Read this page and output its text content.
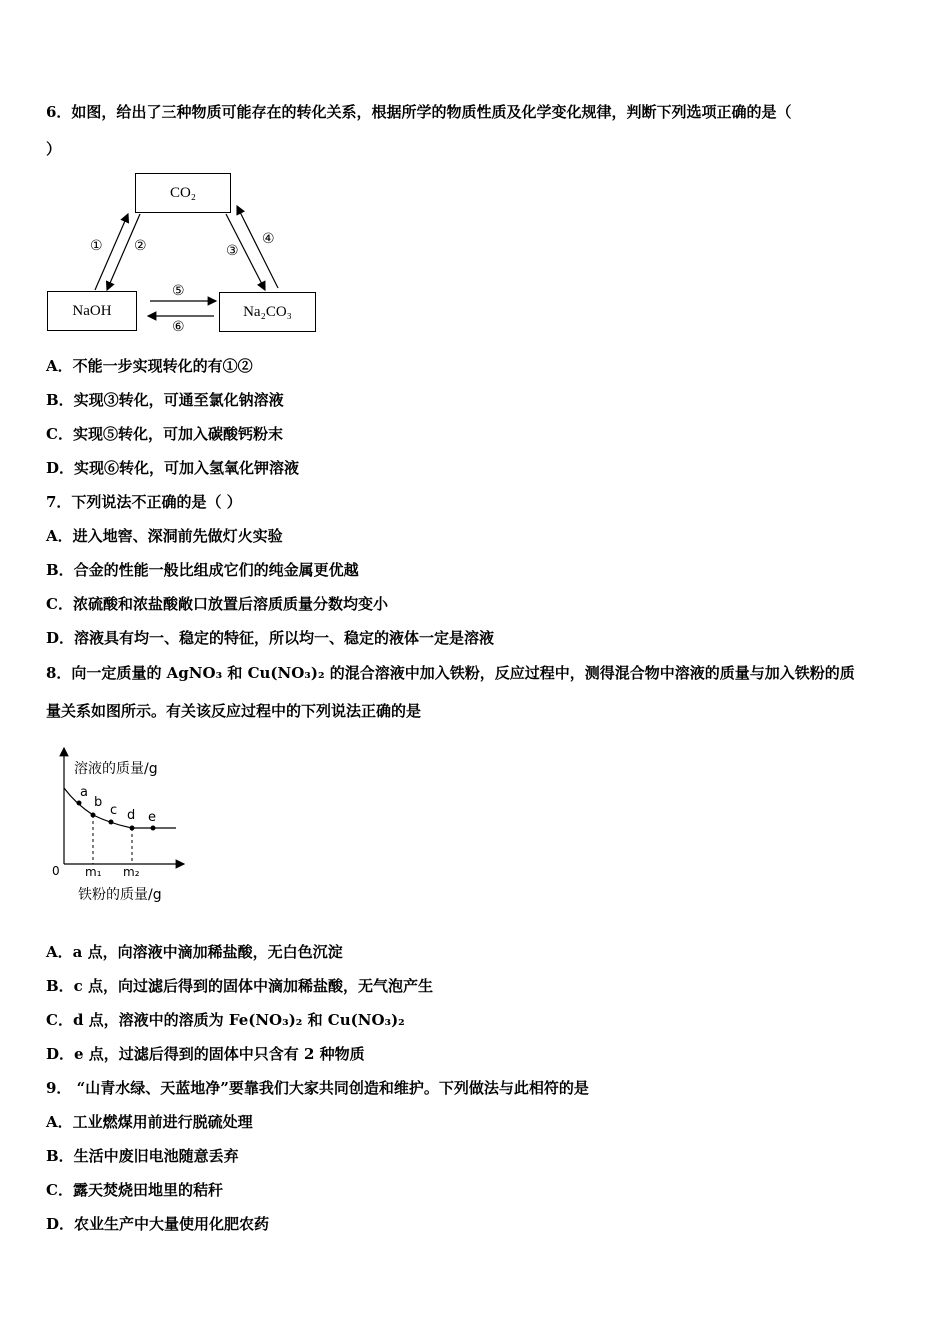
6．如图，给出了三种物质可能存在的转化关系，根据所学的物质性质及化学变化规律，判断下列选项正确的是（
）
CO₂
NaOH	Na₂CO₃
① ②	③
④
⑤
⑥
A．不能一步实现转化的有①②
B．实现③转化，可通至氯化钠溶液
C．实现⑤转化，可加入碳酸钙粉末
D．实现⑥转化，可加入氢氧化钾溶液
7．下列说法不正确的是（ ）
A．进入地窖、深洞前先做灯火实验
B．合金的性能一般比组成它们的纯金属更优越
C．浓硫酸和浓盐酸敞口放置后溶质质量分数均变小
D．溶液具有均一、稳定的特征，所以均一、稳定的液体一定是溶液
8．向一定质量的 AgNO₃ 和 Cu(NO₃)₂ 的混合溶液中加入铁粉，反应过程中，测得混合物中溶液的质量与加入铁粉的质
量关系如图所示。有关该反应过程中的下列说法正确的是
溶液的质量/g
铁粉的质量/g
0 m₁ m₂
a
b
c d e
A．a 点，向溶液中滴加稀盐酸，无白色沉淀
B．c 点，向过滤后得到的固体中滴加稀盐酸，无气泡产生
C．d 点，溶液中的溶质为 Fe(NO₃)₂ 和 Cu(NO₃)₂
D．e 点，过滤后得到的固体中只含有 2 种物质
9． “山青水绿、天蓝地净”要靠我们大家共同创造和维护。下列做法与此相符的是
A．工业燃煤用前进行脱硫处理
B．生活中废旧电池随意丢弃
C．露天焚烧田地里的秸秆
D．农业生产中大量使用化肥农药
